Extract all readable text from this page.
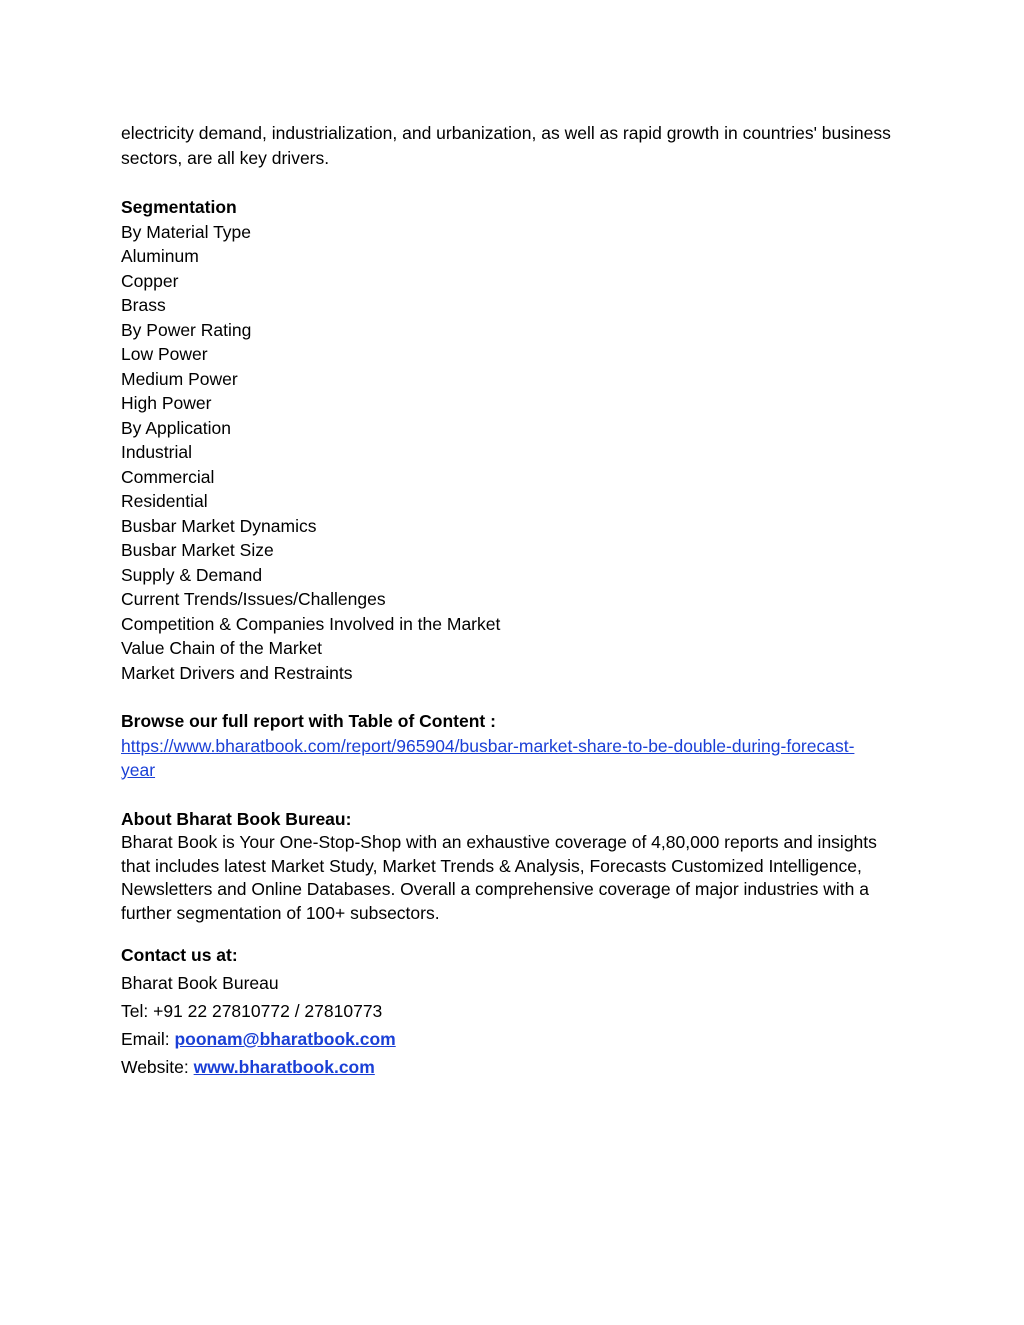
electricity demand, industrialization, and urbanization, as well as rapid growth in countries' business sectors, are all key drivers.

Segmentation

By Material Type
Aluminum
Copper
Brass
By Power Rating
Low Power
Medium Power
High Power
By Application
Industrial
Commercial
Residential
Busbar Market Dynamics
Busbar Market Size
Supply & Demand
Current Trends/Issues/Challenges
Competition & Companies Involved in the Market
Value Chain of the Market
Market Drivers and Restraints

Browse our full report with Table of Content :

https://www.bharatbook.com/report/965904/busbar-market-share-to-be-double-during-forecast-year

About Bharat Book Bureau:

Bharat Book is Your One-Stop-Shop with an exhaustive coverage of 4,80,000 reports and insights that includes latest Market Study, Market Trends & Analysis, Forecasts Customized Intelligence, Newsletters and Online Databases. Overall a comprehensive coverage of major industries with a further segmentation of 100+ subsectors.

Contact us at:

Bharat Book Bureau

Tel: +91 22 27810772 / 27810773

Email: poonam@bharatbook.com

Website: www.bharatbook.com
